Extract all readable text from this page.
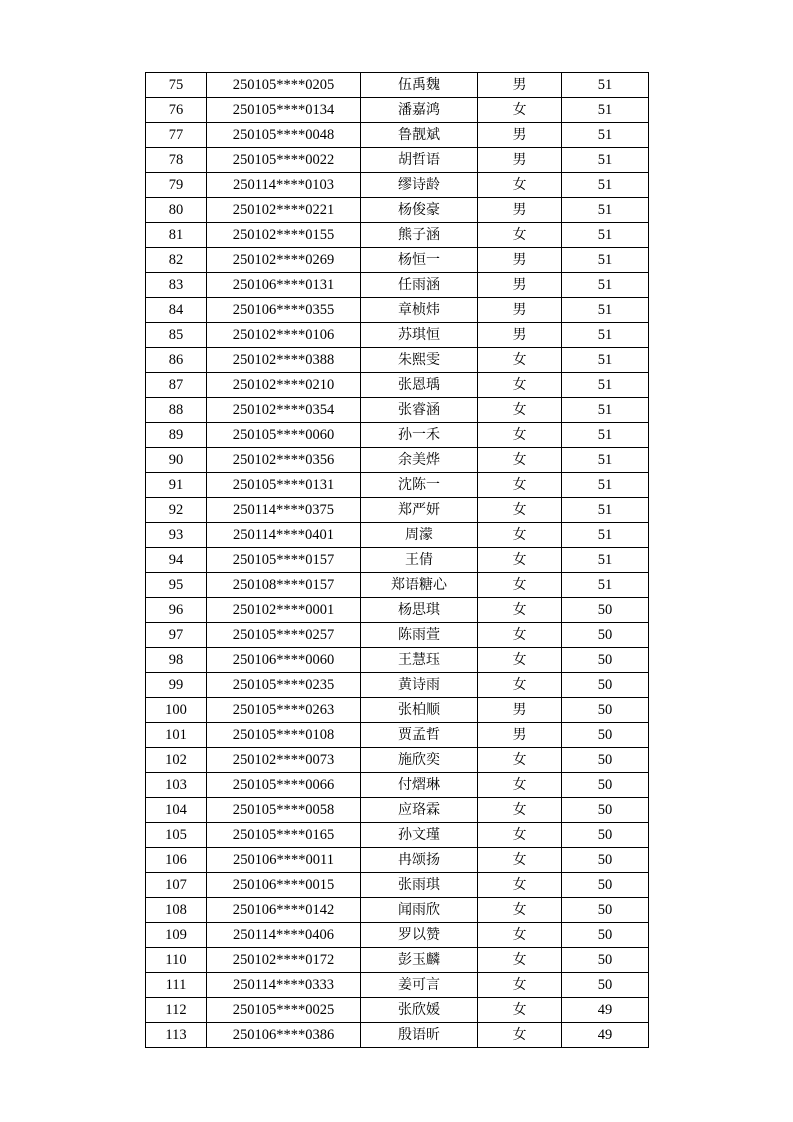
75	250105****0205	伍禹魏	男	51
76	250105****0134	潘嘉鸿	女	51
77	250105****0048	鲁靓斌	男	51
78	250105****0022	胡哲语	男	51
79	250114****0103	缪诗龄	女	51
80	250102****0221	杨俊豪	男	51
81	250102****0155	熊子涵	女	51
82	250102****0269	杨恒一	男	51
83	250106****0131	任雨涵	男	51
84	250106****0355	章桢炜	男	51
85	250102****0106	苏琪恒	男	51
86	250102****0388	朱熙雯	女	51
87	250102****0210	张恩瑀	女	51
88	250102****0354	张睿涵	女	51
89	250105****0060	孙一禾	女	51
90	250102****0356	余美烨	女	51
91	250105****0131	沈陈一	女	51
92	250114****0375	郑严妍	女	51
93	250114****0401	周濛	女	51
94	250105****0157	王倩	女	51
95	250108****0157	郑语糖心	女	51
96	250102****0001	杨思琪	女	50
97	250105****0257	陈雨萱	女	50
98	250106****0060	王慧珏	女	50
99	250105****0235	黄诗雨	女	50
100	250105****0263	张柏顺	男	50
101	250105****0108	贾孟哲	男	50
102	250102****0073	施欣奕	女	50
103	250105****0066	付熠琳	女	50
104	250105****0058	应珞霖	女	50
105	250105****0165	孙文瑾	女	50
106	250106****0011	冉颂扬	女	50
107	250106****0015	张雨琪	女	50
108	250106****0142	闻雨欣	女	50
109	250114****0406	罗以赞	女	50
110	250102****0172	彭玉麟	女	50
111	250114****0333	姜可言	女	50
112	250105****0025	张欣媛	女	49
113	250106****0386	殷语昕	女	49
